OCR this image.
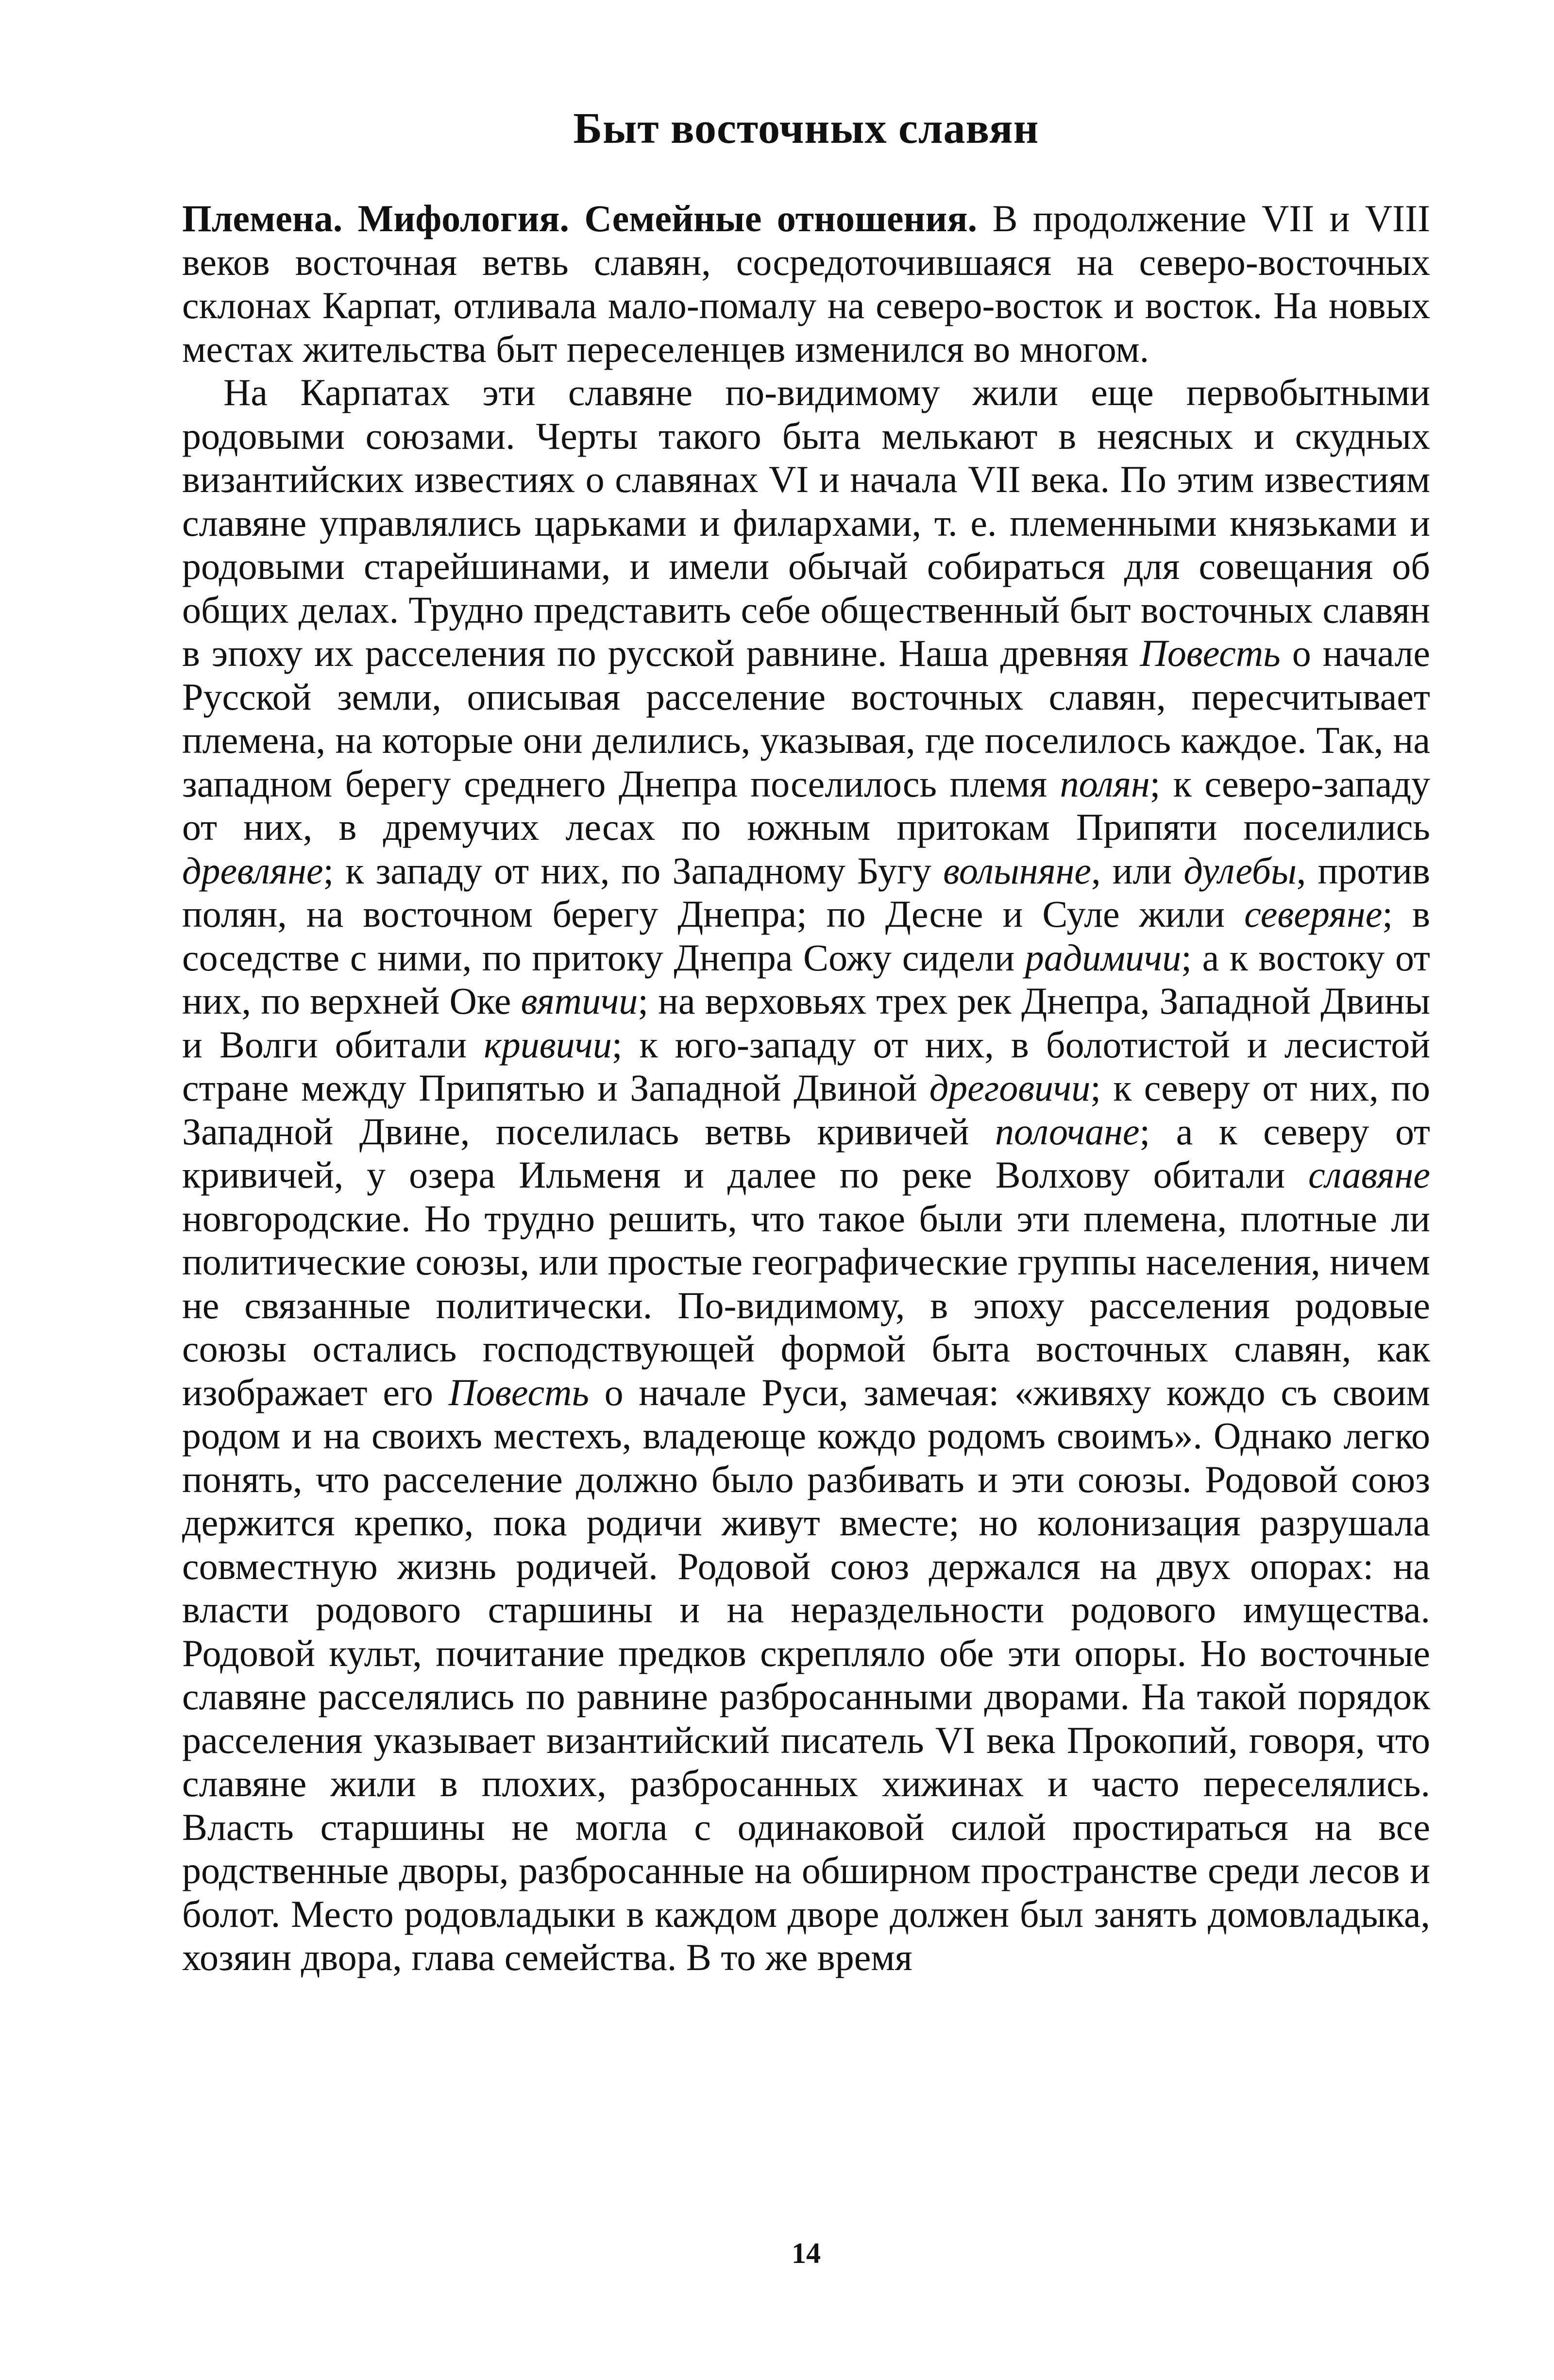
Быт восточных славян

Племена. Мифология. Семейные отношения. В продолжение VII и VIII веков восточная ветвь славян, сосредоточившаяся на северо-восточных склонах Карпат, отливала мало-помалу на северо-восток и восток. На новых местах жительства быт переселенцев изменился во многом.

На Карпатах эти славяне по-видимому жили еще первобытными родовыми союзами. Черты такого быта мелькают в неясных и скудных византийских известиях о славянах VI и начала VII века. По этим известиям славяне управлялись царьками и филархами, т. е. племенными князьками и родовыми старейшинами, и имели обычай собираться для совещания об общих делах. Трудно представить себе общественный быт восточных славян в эпоху их расселения по русской равнине. Наша древняя Повесть о начале Русской земли, описывая расселение восточных славян, пересчитывает племена, на которые они делились, указывая, где поселилось каждое. Так, на западном берегу среднего Днепра поселилось племя полян; к северо-западу от них, в дремучих лесах по южным притокам Припяти поселились древляне; к западу от них, по Западному Бугу волыняне, или дулебы, против полян, на восточном берегу Днепра; по Десне и Суле жили северяне; в соседстве с ними, по притоку Днепра Сожу сидели радимичи; а к востоку от них, по верхней Оке вятичи; на верховьях трех рек Днепра, Западной Двины и Волги обитали кривичи; к юго-западу от них, в болотистой и лесистой стране между Припятью и Западной Двиной дреговичи; к северу от них, по Западной Двине, поселилась ветвь кривичей полочане; а к северу от кривичей, у озера Ильменя и далее по реке Волхову обитали славяне новгородские. Но трудно решить, что такое были эти племена, плотные ли политические союзы, или простые географические группы населения, ничем не связанные политически. По-видимому, в эпоху расселения родовые союзы остались господствующей формой быта восточных славян, как изображает его Повесть о начале Руси, замечая: «живяху кождо съ своим родом и на своихъ местехъ, владеюще кождо родомъ своимъ». Однако легко понять, что расселение должно было разбивать и эти союзы. Родовой союз держится крепко, пока родичи живут вместе; но колонизация разрушала совместную жизнь родичей. Родовой союз держался на двух опорах: на власти родового старшины и на нераздельности родового имущества. Родовой культ, почитание предков скрепляло обе эти опоры. Но восточные славяне расселялись по равнине разбросанными дворами. На такой порядок расселения указывает византийский писатель VI века Прокопий, говоря, что славяне жили в плохих, разбросанных хижинах и часто переселялись. Власть старшины не могла с одинаковой силой простираться на все родственные дворы, разбросанные на обширном пространстве среди лесов и болот. Место родовладыки в каждом дворе должен был занять домовладыка, хозяин двора, глава семейства. В то же время

14
